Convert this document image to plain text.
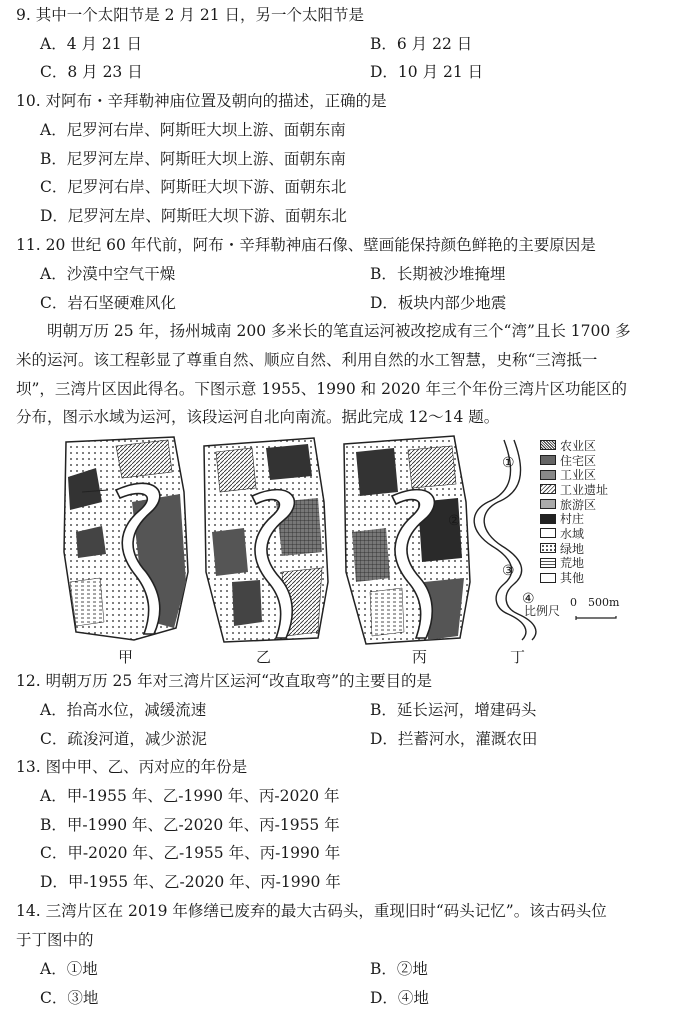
9. 其中一个太阳节是 2 月 21 日，另一个太阳节是
A．4 月 21 日	B．6 月 22 日
C．8 月 23 日	D．10 月 21 日
10. 对阿布・辛拜勒神庙位置及朝向的描述，正确的是
A．尼罗河右岸、阿斯旺大坝上游、面朝东南
B．尼罗河左岸、阿斯旺大坝上游、面朝东南
C．尼罗河右岸、阿斯旺大坝下游、面朝东北
D．尼罗河左岸、阿斯旺大坝下游、面朝东北
11. 20 世纪 60 年代前，阿布・辛拜勒神庙石像、壁画能保持颜色鲜艳的主要原因是
A．沙漠中空气干燥	B．长期被沙堆掩埋
C．岩石坚硬难风化	D．板块内部少地震
明朝万历 25 年，扬州城南 200 多米长的笔直运河被改挖成有三个“湾”且长 1700 多
米的运河。该工程彰显了尊重自然、顺应自然、利用自然的水工智慧，史称“三湾抵一
坝”，三湾片区因此得名。下图示意 1955、1990 和 2020 年三个年份三湾片区功能区的
分布，图示水域为运河，该段运河自北向南流。据此完成 12～14 题。
①
②
③
④
比例尺
0 500m
农业区
住宅区
工业区
工业遗址
旅游区
村庄
水域
绿地
荒地
其他
甲	乙	丙	丁
12. 明朝万历 25 年对三湾片区运河“改直取弯”的主要目的是
A．抬高水位，减缓流速	B．延长运河，增建码头
C．疏浚河道，减少淤泥	D．拦蓄河水，灌溉农田
13. 图中甲、乙、丙对应的年份是
A．甲-1955 年、乙-1990 年、丙-2020 年
B．甲-1990 年、乙-2020 年、丙-1955 年
C．甲-2020 年、乙-1955 年、丙-1990 年
D．甲-1955 年、乙-2020 年、丙-1990 年
14. 三湾片区在 2019 年修缮已废弃的最大古码头，重现旧时“码头记忆”。该古码头位
于丁图中的
A．①地	B．②地
C．③地	D．④地
